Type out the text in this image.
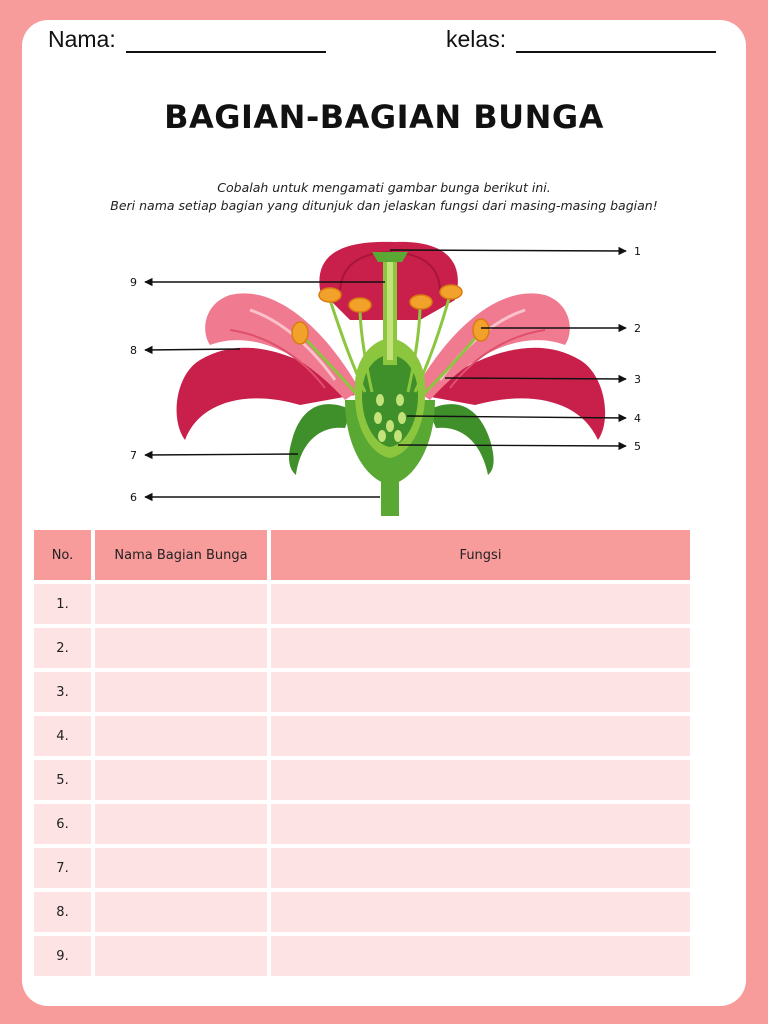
Nama:	kelas:
BAGIAN-BAGIAN BUNGA
Cobalah untuk mengamati gambar bunga berikut ini.
Beri nama setiap bagian yang ditunjuk dan jelaskan fungsi dari masing-masing bagian!
1
2
3
4
5
6
7
8
9
No.	Nama Bagian Bunga	Fungsi
1.		
2.		
3.		
4.		
5.		
6.		
7.		
8.		
9.		
